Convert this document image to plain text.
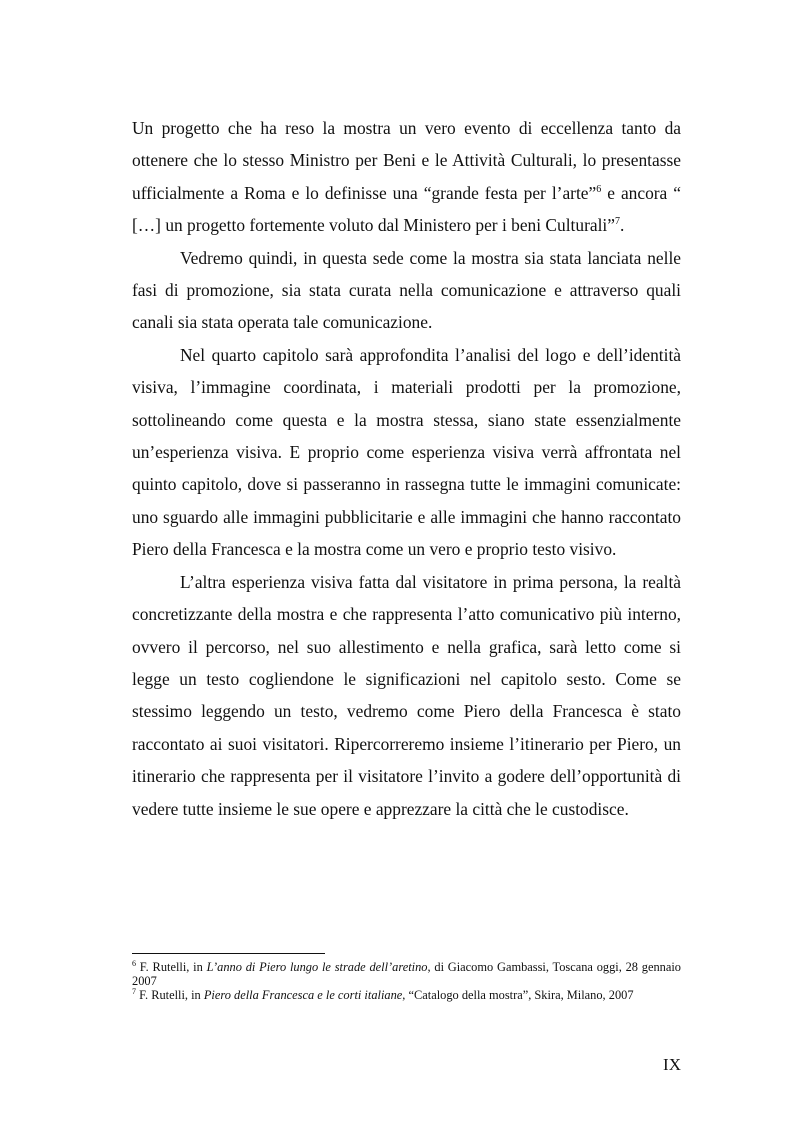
Un progetto che ha reso la mostra un vero evento di eccellenza tanto da ottenere che lo stesso Ministro per Beni e le Attività Culturali, lo presentasse ufficialmente a Roma e lo definisse una “grande festa per l’arte”$^6$ e ancora “ […] un progetto fortemente voluto dal Ministero per i beni Culturali”$^7$.

Vedremo quindi, in questa sede come la mostra sia stata lanciata nelle fasi di promozione, sia stata curata nella comunicazione e attraverso quali canali sia stata operata tale comunicazione.

Nel quarto capitolo sarà approfondita l’analisi del logo e dell’identità visiva, l’immagine coordinata, i materiali prodotti per la promozione, sottolineando come questa e la mostra stessa, siano state essenzialmente un’esperienza visiva. E proprio come esperienza visiva verrà affrontata nel quinto capitolo, dove si passeranno in rassegna tutte le immagini comunicate: uno sguardo alle immagini pubblicitarie e alle immagini che hanno raccontato Piero della Francesca e la mostra come un vero e proprio testo visivo.

L’altra esperienza visiva fatta dal visitatore in prima persona, la realtà concretizzante della mostra e che rappresenta l’atto comunicativo più interno, ovvero il percorso, nel suo allestimento e nella grafica, sarà letto come si legge un testo cogliendone le significazioni nel capitolo sesto. Come se stessimo leggendo un testo, vedremo come Piero della Francesca è stato raccontato ai suoi visitatori. Ripercorreremo insieme l’itinerario per Piero, un itinerario che rappresenta per il visitatore l’invito a godere dell’opportunità di vedere tutte insieme le sue opere e apprezzare la città che le custodisce.

$^6$ F. Rutelli, in L’anno di Piero lungo le strade dell’aretino, di Giacomo Gambassi, Toscana oggi, 28 gennaio 2007

$^7$ F. Rutelli, in Piero della Francesca e le corti italiane, “Catalogo della mostra”, Skira, Milano, 2007

IX
